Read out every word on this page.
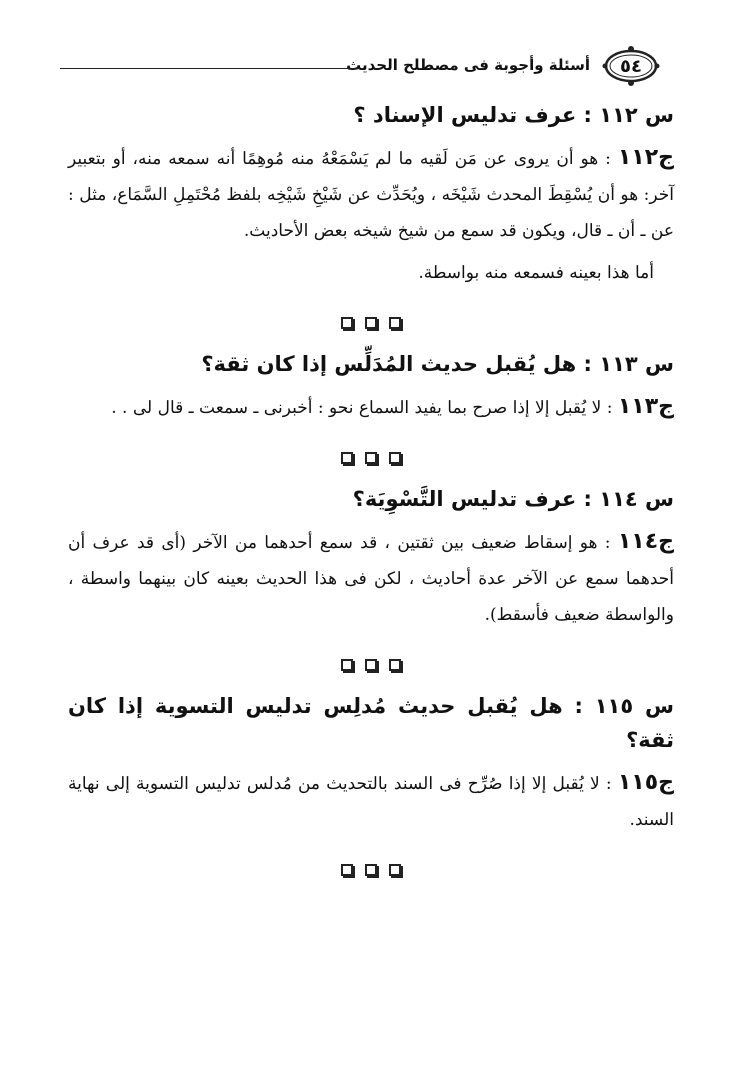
٥٤
أسئلة وأجوبة فى مصطلح الحديث
س ١١٢ : عرف تدليس الإسناد ؟

ج١١٢ : هو أن يروى عن مَن لَقيه ما لم يَسْمَعْهُ منه مُوهِمًا أنه سمعه منه، أو بتعبير آخر: هو أن يُسْقِطَ المحدث شَيْخَه ، ويُحَدِّث عن شَيْخِ شَيْخِه بلفظ مُحْتَمِلِ السَّمَاع، مثل : عن ـ أن ـ قال، ويكون قد سمع من شيخ شيخه بعض الأحاديث.

أما هذا بعينه فسمعه منه بواسطة.

س ١١٣ : هل يُقبل حديث المُدَلِّس إذا كان ثقة؟

ج١١٣ : لا يُقبل إلا إذا صرح بما يفيد السماع نحو : أخبرنى ـ سمعت ـ قال لى . .

س ١١٤ : عرف تدليس التَّسْوِيَة؟

ج١١٤ : هو إسقاط ضعيف بين ثقتين ، قد سمع أحدهما من الآخر (أى قد عرف أن أحدهما سمع عن الآخر عدة أحاديث ، لكن فى هذا الحديث بعينه كان بينهما واسطة ، والواسطة ضعيف فأسقط).

س ١١٥ : هل يُقبل حديث مُدلِس تدليس التسوية إذا كان ثقة؟

ج١١٥ : لا يُقبل إلا إذا صُرِّح فى السند بالتحديث من مُدلس تدليس التسوية إلى نهاية السند.
